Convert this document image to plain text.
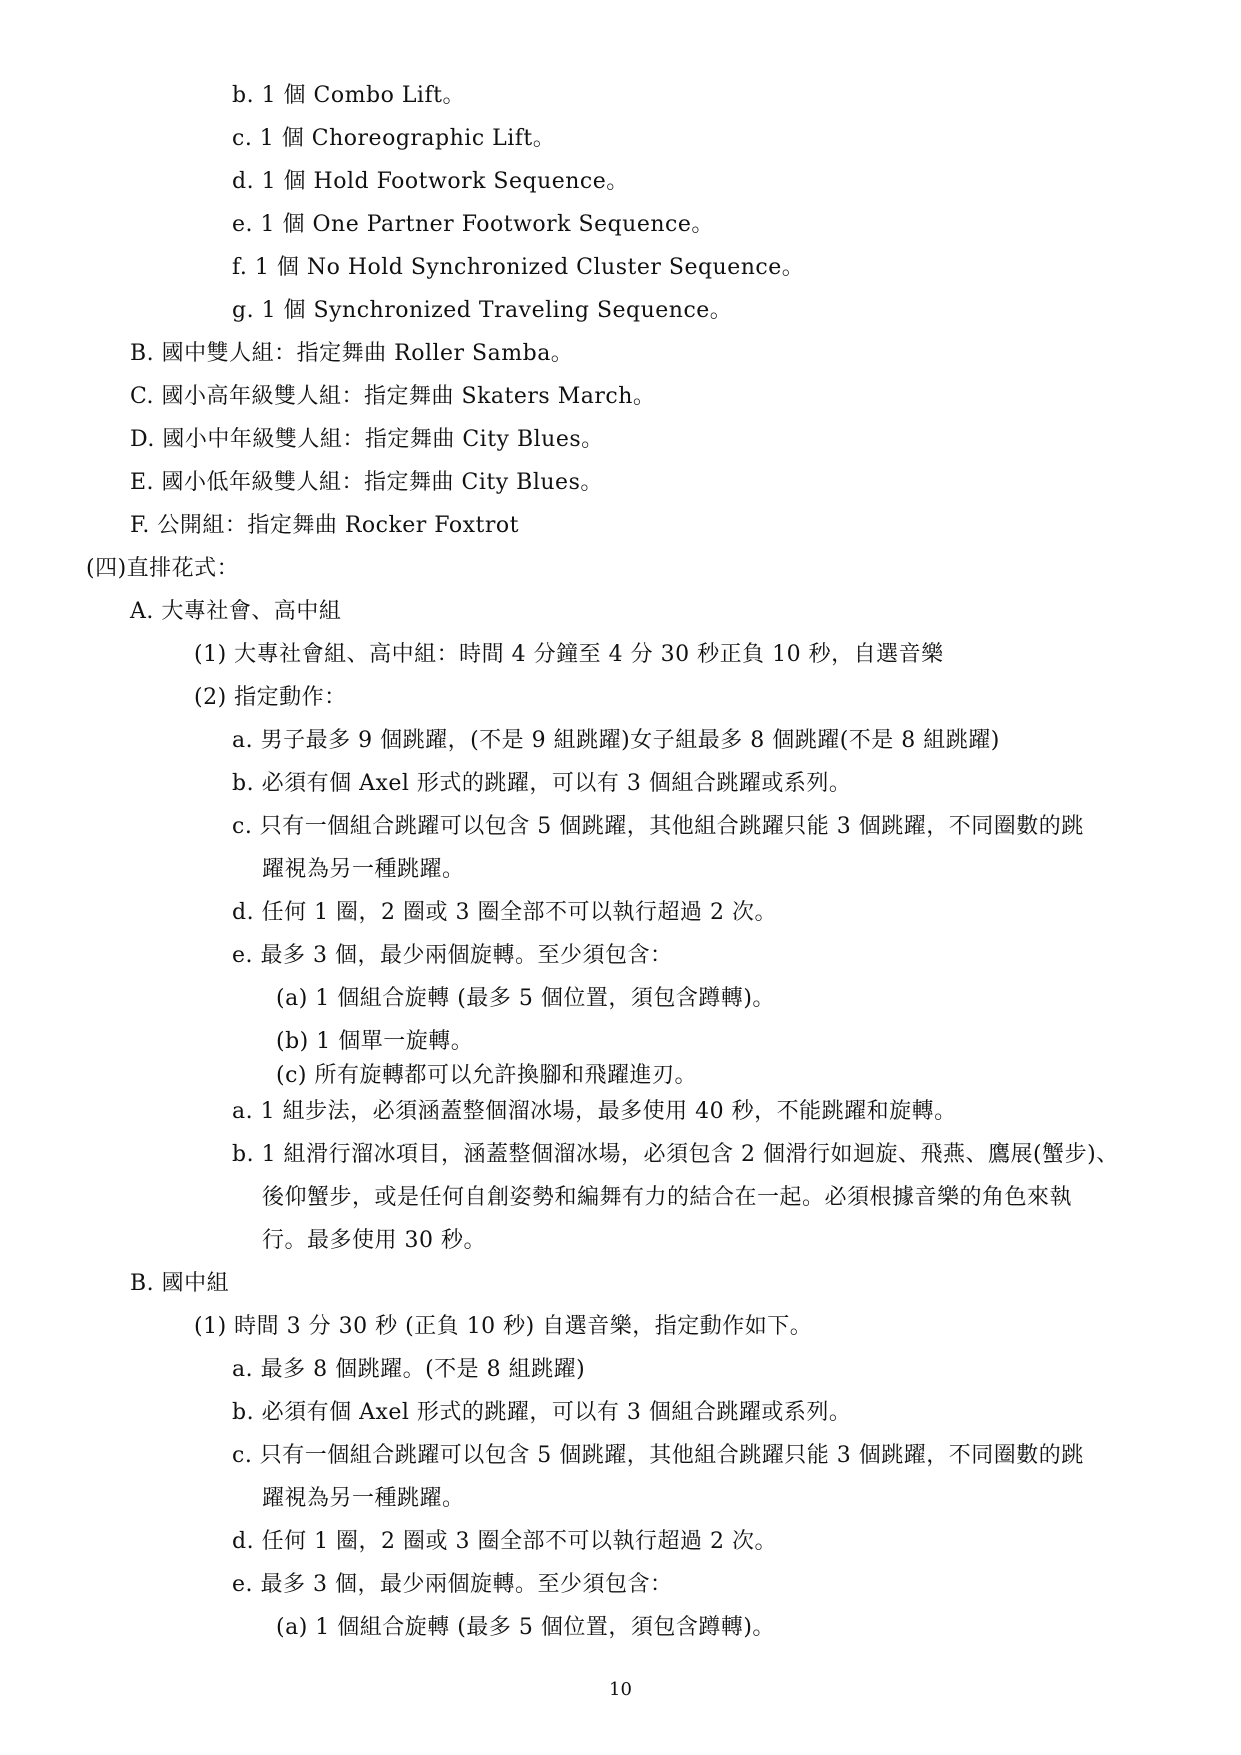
b. 1 個 Combo Lift。
c. 1 個 Choreographic Lift。
d. 1 個 Hold Footwork Sequence。
e. 1 個 One Partner Footwork Sequence。
f. 1 個 No Hold Synchronized Cluster Sequence。
g. 1 個 Synchronized Traveling Sequence。
B. 國中雙人組：指定舞曲 Roller Samba。
C. 國小高年級雙人組：指定舞曲 Skaters March。
D. 國小中年級雙人組：指定舞曲 City Blues。
E. 國小低年級雙人組：指定舞曲 City Blues。
F. 公開組：指定舞曲 Rocker Foxtrot
(四)直排花式：
A. 大專社會、高中組
(1) 大專社會組、高中組：時間 4 分鐘至 4 分 30 秒正負 10 秒，自選音樂
(2) 指定動作：
a. 男子最多 9 個跳躍，(不是 9 組跳躍)女子組最多 8 個跳躍(不是 8 組跳躍)
b. 必須有個 Axel 形式的跳躍，可以有 3 個組合跳躍或系列。
c. 只有一個組合跳躍可以包含 5 個跳躍，其他組合跳躍只能 3 個跳躍，不同圈數的跳
躍視為另一種跳躍。
d. 任何 1 圈，2 圈或 3 圈全部不可以執行超過 2 次。
e. 最多 3 個，最少兩個旋轉。至少須包含：
(a) 1 個組合旋轉 (最多 5 個位置，須包含蹲轉)。
(b) 1 個單一旋轉。
(c) 所有旋轉都可以允許換腳和飛躍進刃。
a. 1 組步法，必須涵蓋整個溜冰場，最多使用 40 秒，不能跳躍和旋轉。
b. 1 組滑行溜冰項目，涵蓋整個溜冰場，必須包含 2 個滑行如迴旋、飛燕、鷹展(蟹步)、
後仰蟹步，或是任何自創姿勢和編舞有力的結合在一起。必須根據音樂的角色來執
行。最多使用 30 秒。
B. 國中組
(1) 時間 3 分 30 秒 (正負 10 秒) 自選音樂，指定動作如下。
a. 最多 8 個跳躍。(不是 8 組跳躍)
b. 必須有個 Axel 形式的跳躍，可以有 3 個組合跳躍或系列。
c. 只有一個組合跳躍可以包含 5 個跳躍，其他組合跳躍只能 3 個跳躍，不同圈數的跳
躍視為另一種跳躍。
d. 任何 1 圈，2 圈或 3 圈全部不可以執行超過 2 次。
e. 最多 3 個，最少兩個旋轉。至少須包含：
(a) 1 個組合旋轉 (最多 5 個位置，須包含蹲轉)。
10
